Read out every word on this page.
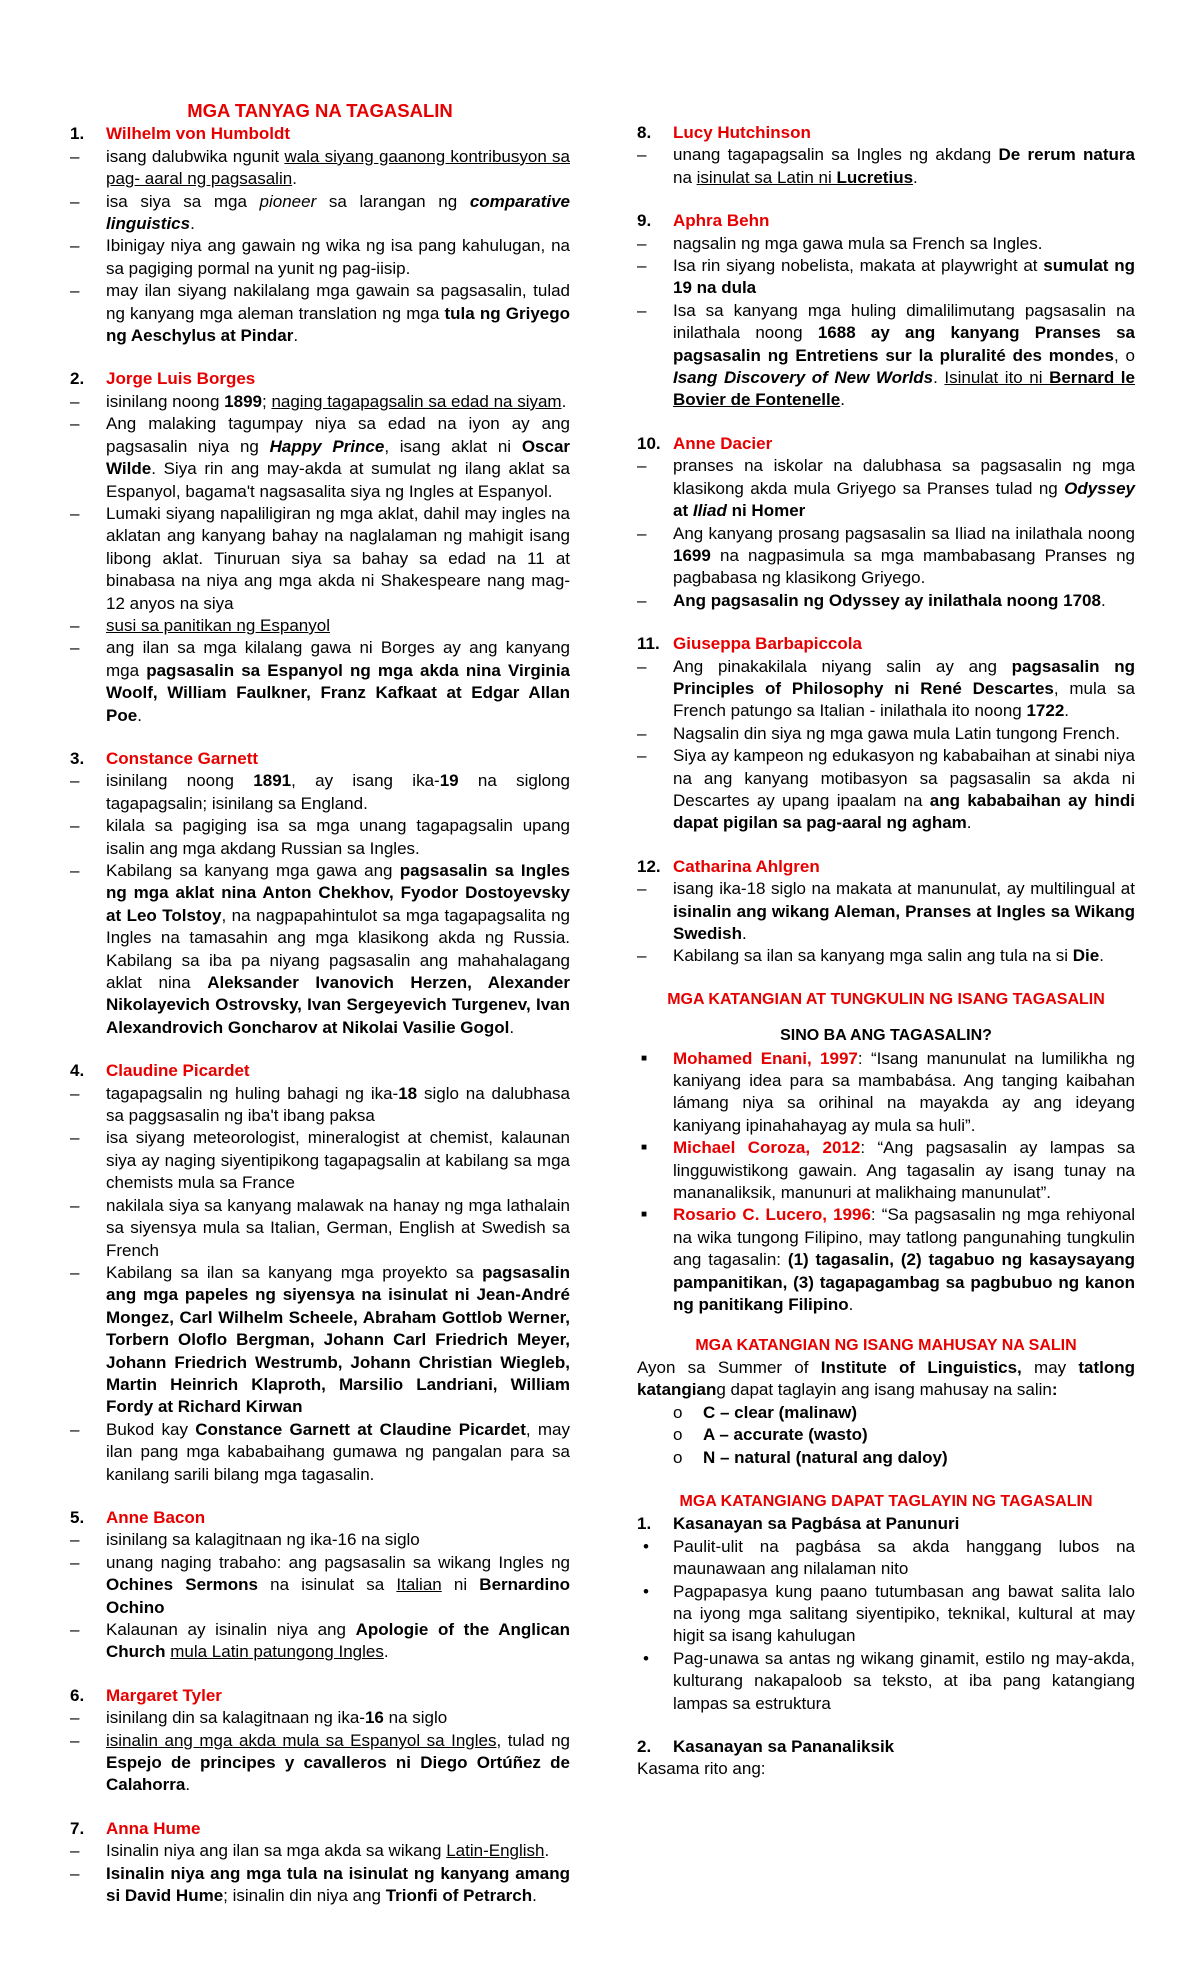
MGA TANYAG NA TAGASALIN
1.	Wilhelm von Humboldt
–	isang dalubwika ngunit wala siyang gaanong kontribusyon sa pag- aaral ng pagsasalin.
–	isa siya sa mga pioneer sa larangan ng comparative linguistics.
–	Ibinigay niya ang gawain ng wika ng isa pang kahulugan, na sa pagiging pormal na yunit ng pag-iisip.
–	may ilan siyang nakilalang mga gawain sa pagsasalin, tulad ng kanyang mga aleman translation ng mga tula ng Griyego ng Aeschylus at Pindar.
2.	Jorge Luis Borges
–	isinilang noong 1899; naging tagapagsalin sa edad na siyam.
–	Ang malaking tagumpay niya sa edad na iyon ay ang pagsasalin niya ng Happy Prince, isang aklat ni Oscar Wilde. Siya rin ang may-akda at sumulat ng ilang aklat sa Espanyol, bagama't nagsasalita siya ng Ingles at Espanyol.
–	Lumaki siyang napaliligiran ng mga aklat, dahil may ingles na aklatan ang kanyang bahay na naglalaman ng mahigit isang libong aklat. Tinuruan siya sa bahay sa edad na 11 at binabasa na niya ang mga akda ni Shakespeare nang mag-12 anyos na siya
–	susi sa panitikan ng Espanyol
–	ang ilan sa mga kilalang gawa ni Borges ay ang kanyang mga pagsasalin sa Espanyol ng mga akda nina Virginia Woolf, William Faulkner, Franz Kafkaat at Edgar Allan Poe.
3.	Constance Garnett
–	isinilang noong 1891, ay isang ika-19 na siglong tagapagsalin; isinilang sa England.
–	kilala sa pagiging isa sa mga unang tagapagsalin upang isalin ang mga akdang Russian sa Ingles.
–	Kabilang sa kanyang mga gawa ang pagsasalin sa Ingles ng mga aklat nina Anton Chekhov, Fyodor Dostoyevsky at Leo Tolstoy, na nagpapahintulot sa mga tagapagsalita ng Ingles na tamasahin ang mga klasikong akda ng Russia. Kabilang sa iba pa niyang pagsasalin ang mahahalagang aklat nina Aleksander Ivanovich Herzen, Alexander Nikolayevich Ostrovsky, Ivan Sergeyevich Turgenev, Ivan Alexandrovich Goncharov at Nikolai Vasilie Gogol.
4.	Claudine Picardet
–	tagapagsalin ng huling bahagi ng ika-18 siglo na dalubhasa sa paggsasalin ng iba't ibang paksa
–	isa siyang meteorologist, mineralogist at chemist, kalaunan siya ay naging siyentipikong tagapagsalin at kabilang sa mga chemists mula sa France
–	nakilala siya sa kanyang malawak na hanay ng mga lathalain sa siyensya mula sa Italian, German, English at Swedish sa French
–	Kabilang sa ilan sa kanyang mga proyekto sa pagsasalin ang mga papeles ng siyensya na isinulat ni Jean-André Mongez, Carl Wilhelm Scheele, Abraham Gottlob Werner, Torbern Oloflo Bergman, Johann Carl Friedrich Meyer, Johann Friedrich Westrumb, Johann Christian Wiegleb, Martin Heinrich Klaproth, Marsilio Landriani, William Fordy at Richard Kirwan
–	Bukod kay Constance Garnett at Claudine Picardet, may ilan pang mga kababaihang gumawa ng pangalan para sa kanilang sarili bilang mga tagasalin.
5.	Anne Bacon
–	isinilang sa kalagitnaan ng ika-16 na siglo
–	unang naging trabaho: ang pagsasalin sa wikang Ingles ng Ochines Sermons na isinulat sa Italian ni Bernardino Ochino
–	Kalaunan ay isinalin niya ang Apologie of the Anglican Church mula Latin patungong Ingles.
6.	Margaret Tyler
–	isinilang din sa kalagitnaan ng ika-16 na siglo
–	isinalin ang mga akda mula sa Espanyol sa Ingles, tulad ng Espejo de principes y cavalleros ni Diego Ortúñez de Calahorra.
7.	Anna Hume
–	Isinalin niya ang ilan sa mga akda sa wikang Latin-English.
–	Isinalin niya ang mga tula na isinulat ng kanyang amang si David Hume; isinalin din niya ang Trionfi of Petrarch.
8.	Lucy Hutchinson
–	unang tagapagsalin sa Ingles ng akdang De rerum natura na isinulat sa Latin ni Lucretius.
9.	Aphra Behn
–	nagsalin ng mga gawa mula sa French sa Ingles.
–	Isa rin siyang nobelista, makata at playwright at sumulat ng 19 na dula
–	Isa sa kanyang mga huling dimalilimutang pagsasalin na inilathala noong 1688 ay ang kanyang Pranses sa pagsasalin ng Entretiens sur la pluralité des mondes, o Isang Discovery of New Worlds. Isinulat ito ni Bernard le Bovier de Fontenelle.
10. Anne Dacier
–	pranses na iskolar na dalubhasa sa pagsasalin ng mga klasikong akda mula Griyego sa Pranses tulad ng Odyssey at Iliad ni Homer
–	Ang kanyang prosang pagsasalin sa Iliad na inilathala noong 1699 na nagpasimula sa mga mambabasang Pranses ng pagbabasa ng klasikong Griyego.
–	Ang pagsasalin ng Odyssey ay inilathala noong 1708.
11. Giuseppa Barbapiccola
–	Ang pinakakilala niyang salin ay ang pagsasalin ng Principles of Philosophy ni René Descartes, mula sa French patungo sa Italian - inilathala ito noong 1722.
–	Nagsalin din siya ng mga gawa mula Latin tungong French.
–	Siya ay kampeon ng edukasyon ng kababaihan at sinabi niya na ang kanyang motibasyon sa pagsasalin sa akda ni Descartes ay upang ipaalam na ang kababaihan ay hindi dapat pigilan sa pag-aaral ng agham.
12. Catharina Ahlgren
–	isang ika-18 siglo na makata at manunulat, ay multilingual at isinalin ang wikang Aleman, Pranses at Ingles sa Wikang Swedish.
–	Kabilang sa ilan sa kanyang mga salin ang tula na si Die.
MGA KATANGIAN AT TUNGKULIN NG ISANG TAGASALIN
SINO BA ANG TAGASALIN?
■	Mohamed Enani, 1997: “Isang manunulat na lumilikha ng kaniyang idea para sa mambabása. Ang tanging kaibahan lámang niya sa orihinal na mayakda ay ang ideyang kaniyang ipinahahayag ay mula sa huli”.
■	Michael Coroza, 2012: “Ang pagsasalin ay lampas sa lingguwistikong gawain. Ang tagasalin ay isang tunay na mananaliksik, manunuri at malikhaing manunulat”.
■	Rosario C. Lucero, 1996: “Sa pagsasalin ng mga rehiyonal na wika tungong Filipino, may tatlong pangunahing tungkulin ang tagasalin: (1) tagasalin, (2) tagabuo ng kasaysayang pampanitikan, (3) tagapagambag sa pagbubuo ng kanon ng panitikang Filipino.
MGA KATANGIAN NG ISANG MAHUSAY NA SALIN
Ayon sa Summer of Institute of Linguistics, may tatlong katangiang dapat taglayin ang isang mahusay na salin:
o	C – clear (malinaw)
o	A – accurate (wasto)
o	N – natural (natural ang daloy)
MGA KATANGIANG DAPAT TAGLAYIN NG TAGASALIN
1.	Kasanayan sa Pagbása at Panunuri
•	Paulit-ulit na pagbása sa akda hanggang lubos na maunawaan ang nilalaman nito
•	Pagpapasya kung paano tutumbasan ang bawat salita lalo na iyong mga salitang siyentipiko, teknikal, kultural at may higit sa isang kahulugan
•	Pag-unawa sa antas ng wikang ginamit, estilo ng may-akda, kulturang nakapaloob sa teksto, at iba pang katangiang lampas sa estruktura
2.	Kasanayan sa Pananaliksik
Kasama rito ang:
